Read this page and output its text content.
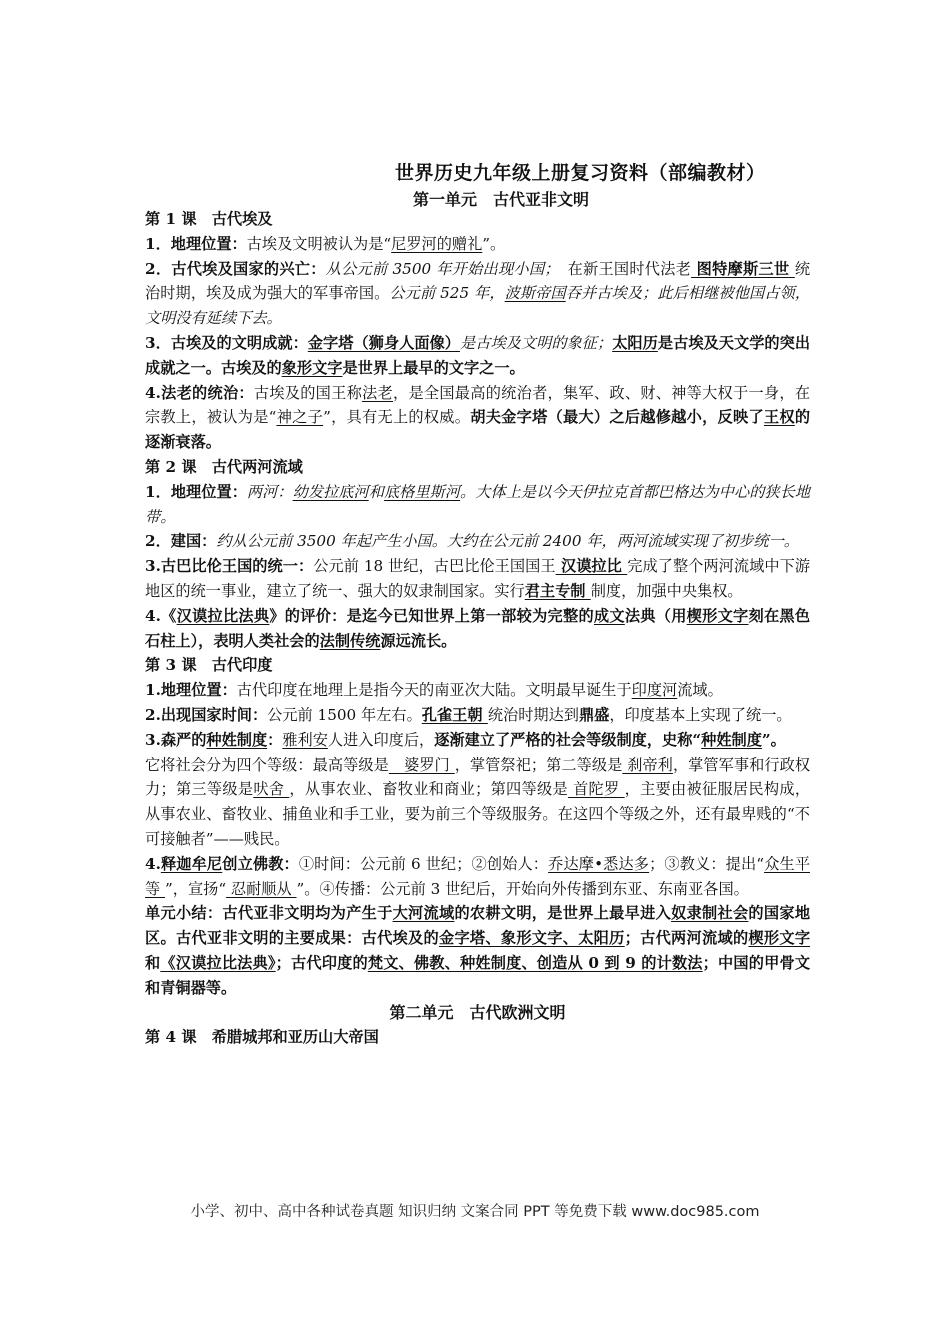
世界历史九年级上册复习资料（部编教材）
第一单元　古代亚非文明

第 1 课　古代埃及

1．地理位置：古埃及文明被认为是“尼罗河的赠礼”。

2．古代埃及国家的兴亡：从公元前 3500 年开始出现小国；　在新王国时代法老 图特摩斯三世 统治时期，埃及成为强大的军事帝国。公元前 525 年，波斯帝国吞并古埃及；此后相继被他国占领，文明没有延续下去。

3．古埃及的文明成就：金字塔（狮身人面像）是古埃及文明的象征；太阳历是古埃及天文学的突出成就之一。古埃及的象形文字是世界上最早的文字之一。

4.法老的统治：古埃及的国王称法老，是全国最高的统治者，集军、政、财、神等大权于一身，在宗教上，被认为是“神之子”，具有无上的权威。胡夫金字塔（最大）之后越修越小，反映了王权的逐渐衰落。

第 2 课　古代两河流域

1．地理位置：两河：幼发拉底河和底格里斯河。大体上是以今天伊拉克首都巴格达为中心的狭长地带。

2．建国：约从公元前 3500 年起产生小国。大约在公元前 2400 年，两河流域实现了初步统一。

3.古巴比伦王国的统一：公元前 18 世纪，古巴比伦王国国王 汉谟拉比 完成了整个两河流域中下游地区的统一事业，建立了统一、强大的奴隶制国家。实行君主专制 制度，加强中央集权。

4.《汉谟拉比法典》的评价：是迄今已知世界上第一部较为完整的成文法典（用楔形文字刻在黑色石柱上），表明人类社会的法制传统源远流长。

第 3 课　古代印度

1.地理位置：古代印度在地理上是指今天的南亚次大陆。文明最早诞生于印度河流域。

2.出现国家时间：公元前 1500 年左右。孔雀王朝 统治时期达到鼎盛，印度基本上实现了统一。

3.森严的种姓制度：雅利安人进入印度后，逐渐建立了严格的社会等级制度，史称“种姓制度”。

它将社会分为四个等级：最高等级是　婆罗门 ，掌管祭祀；第二等级是 刹帝利，掌管军事和行政权力；第三等级是吠舍 ，从事农业、畜牧业和商业；第四等级是 首陀罗 ，主要由被征服居民构成，从事农业、畜牧业、捕鱼业和手工业，要为前三个等级服务。在这四个等级之外，还有最卑贱的“不可接触者”——贱民。

4.释迦牟尼创立佛教：①时间：公元前 6 世纪；②创始人：乔达摩•悉达多；③教义：提出“众生平等 ”，宣扬“ 忍耐顺从 ”。④传播：公元前 3 世纪后，开始向外传播到东亚、东南亚各国。

单元小结：古代亚非文明均为产生于大河流域的农耕文明，是世界上最早进入奴隶制社会的国家地区。古代亚非文明的主要成果：古代埃及的金字塔、象形文字、太阳历；古代两河流域的楔形文字和《汉谟拉比法典》；古代印度的梵文、佛教、种姓制度、创造从 0 到 9 的计数法；中国的甲骨文和青铜器等。

第二单元　古代欧洲文明

第 4 课　希腊城邦和亚历山大帝国

小学、初中、高中各种试卷真题 知识归纳 文案合同 PPT 等免费下载 www.doc985.com
